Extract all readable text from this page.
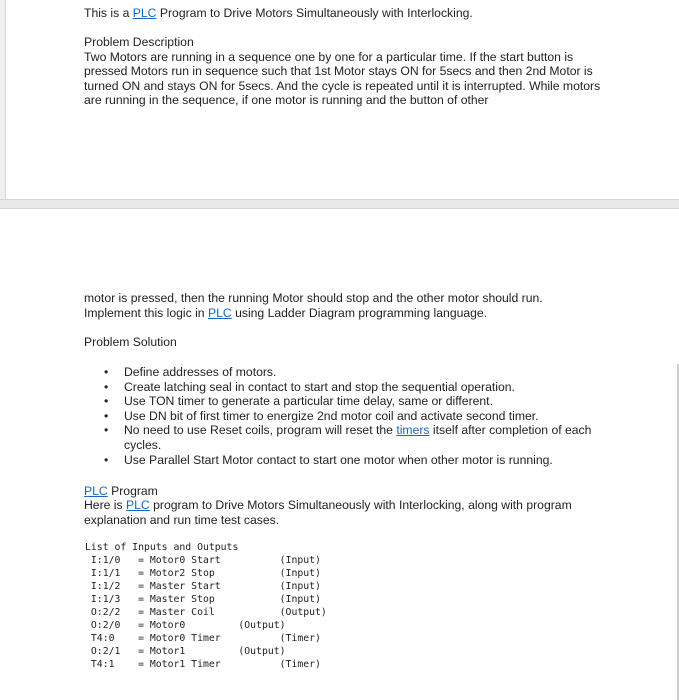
This is a PLC Program to Drive Motors Simultaneously with Interlocking.

Problem Description

Two Motors are running in a sequence one by one for a particular time. If the start button is pressed Motors run in sequence such that 1st Motor stays ON for 5secs and then 2nd Motor is turned ON and stays ON for 5secs. And the cycle is repeated until it is interrupted. While motors are running in the sequence, if one motor is running and the button of other

motor is pressed, then the running Motor should stop and the other motor should run.

Implement this logic in PLC using Ladder Diagram programming language.

Problem Solution

• Define addresses of motors.
• Create latching seal in contact to start and stop the sequential operation.
• Use TON timer to generate a particular time delay, same or different.
• Use DN bit of first timer to energize 2nd motor coil and activate second timer.
• No need to use Reset coils, program will reset the timers itself after completion of each cycles.
• Use Parallel Start Motor contact to start one motor when other motor is running.

PLC Program

Here is PLC program to Drive Motors Simultaneously with Interlocking, along with program explanation and run time test cases.

List of Inputs and Outputs
I:1/0   = Motor0 Start          (Input)
I:1/1   = Motor2 Stop           (Input)
I:1/2   = Master Start          (Input)
I:1/3   = Master Stop           (Input)
O:2/2   = Master Coil           (Output)
O:2/0   = Motor0         (Output)
T4:0    = Motor0 Timer          (Timer)
O:2/1   = Motor1         (Output)
T4:1    = Motor1 Timer          (Timer)
